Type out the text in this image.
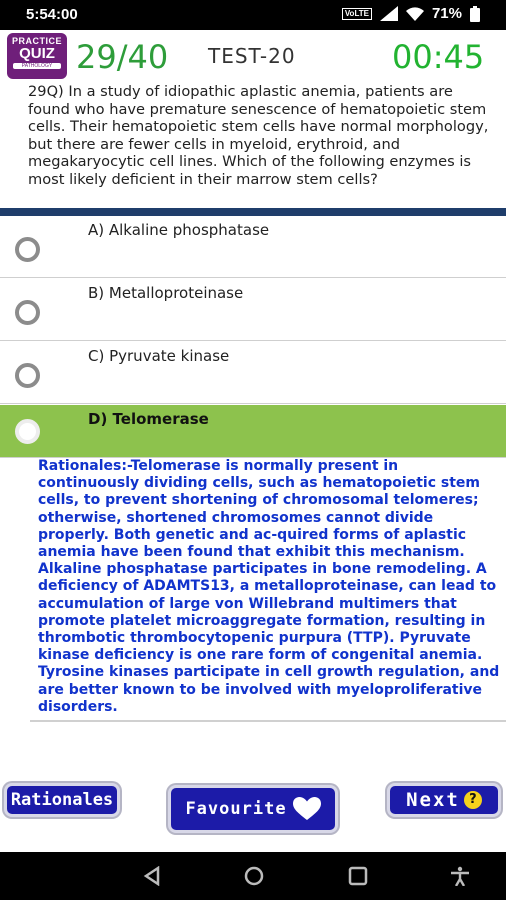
5:54:00	VoLTE	71%
PRACTICE
QUIZ
PATHOLOGY 29/40 TEST-20	00:45
29Q) In a study of idiopathic aplastic anemia, patients are found who have premature senescence of hematopoietic stem cells. Their hematopoietic stem cells have normal morphology, but there are fewer cells in myeloid, erythroid, and megakaryocytic cell lines. Which of the following enzymes is most likely deficient in their marrow stem cells?
A) Alkaline phosphatase
B) Metalloproteinase
C) Pyruvate kinase
D) Telomerase
Rationales:-Telomerase is normally present in continuously dividing cells, such as hematopoietic stem cells, to prevent shortening of chromosomal telomeres; otherwise, shortened chromosomes cannot divide properly. Both genetic and ac-quired forms of aplastic anemia have been found that exhibit this mechanism. Alkaline phosphatase participates in bone remodeling. A deficiency of ADAMTS13, a metalloproteinase, can lead to accumulation of large von Willebrand multimers that promote platelet microaggregate formation, resulting in thrombotic thrombocytopenic purpura (TTP). Pyruvate kinase deficiency is one rare form of congenital anemia. Tyrosine kinases participate in cell growth regulation, and are better known to be involved with myeloproliferative disorders.
Rationales	Favourite	Next ?
